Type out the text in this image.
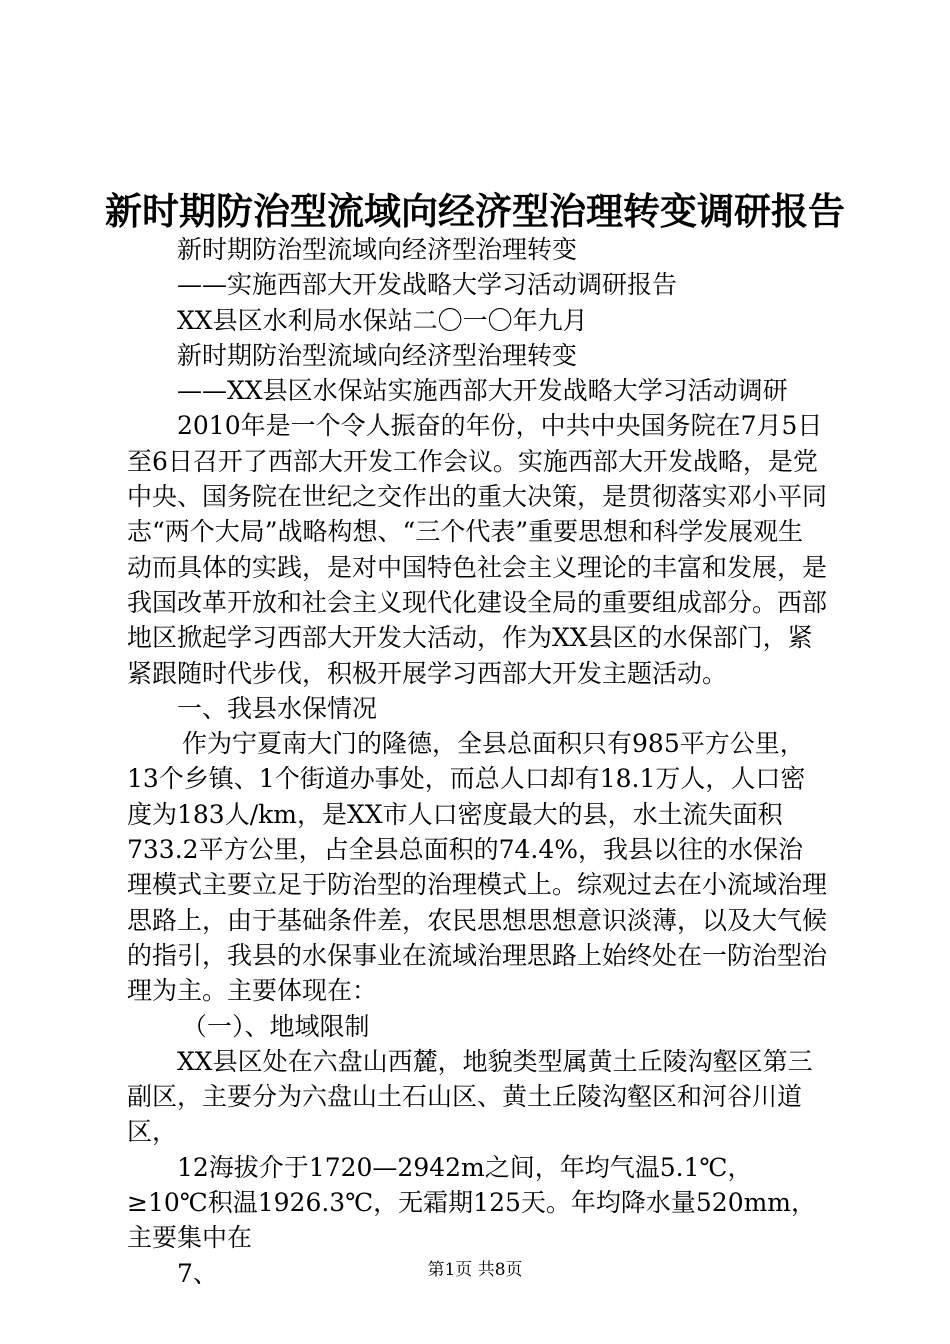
新时期防治型流域向经济型治理转变调研报告

新时期防治型流域向经济型治理转变

——实施西部大开发战略大学习活动调研报告

XX县区水利局水保站二〇一〇年九月

新时期防治型流域向经济型治理转变

——XX县区水保站实施西部大开发战略大学习活动调研

2010年是一个令人振奋的年份，中共中央国务院在7月5日至6日召开了西部大开发工作会议。实施西部大开发战略，是党中央、国务院在世纪之交作出的重大决策，是贯彻落实邓小平同志“两个大局”战略构想、“三个代表”重要思想和科学发展观生动而具体的实践，是对中国特色社会主义理论的丰富和发展，是我国改革开放和社会主义现代化建设全局的重要组成部分。西部地区掀起学习西部大开发大活动，作为XX县区的水保部门，紧紧跟随时代步伐，积极开展学习西部大开发主题活动。

一、我县水保情况

作为宁夏南大门的隆德，全县总面积只有985平方公里，13个乡镇、1个街道办事处，而总人口却有18.1万人，人口密度为183人/km，是XX市人口密度最大的县，水土流失面积733.2平方公里，占全县总面积的74.4%，我县以往的水保治理模式主要立足于防治型的治理模式上。综观过去在小流域治理思路上，由于基础条件差，农民思想思想意识淡薄，以及大气候的指引，我县的水保事业在流域治理思路上始终处在一防治型治理为主。主要体现在：

（一）、地域限制

XX县区处在六盘山西麓，地貌类型属黄土丘陵沟壑区第三副区，主要分为六盘山土石山区、黄土丘陵沟壑区和河谷川道区，

12海拔介于1720—2942m之间，年均气温5.1℃，≥10℃积温1926.3℃，无霜期125天。年均降水量520mm，主要集中在

7、	第1页 共8页
